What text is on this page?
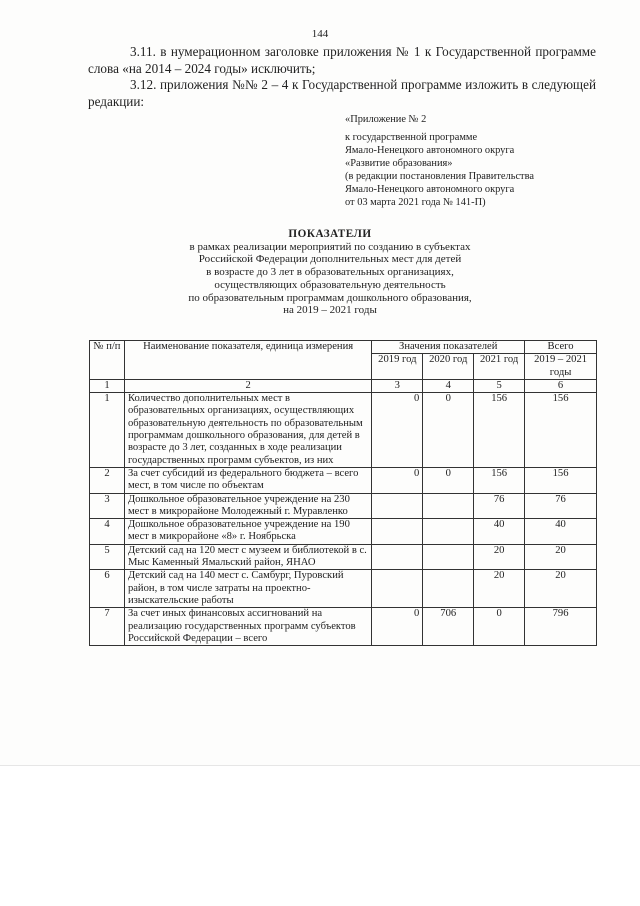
144
3.11. в нумерационном заголовке приложения № 1 к Государственной программе слова «на 2014 – 2024 годы» исключить;
3.12. приложения №№ 2 – 4 к Государственной программе изложить в следующей редакции:
«Приложение № 2
к государственной программе
Ямало-Ненецкого автономного округа
«Развитие образования»
(в редакции постановления Правительства
Ямало-Ненецкого автономного округа
от 03 марта 2021 года № 141-П)
ПОКАЗАТЕЛИ
в рамках реализации мероприятий по созданию в субъектах
Российской Федерации дополнительных мест для детей
в возрасте до 3 лет в образовательных организациях,
осуществляющих образовательную деятельность
по образовательным программам дошкольного образования,
на 2019 – 2021 годы
№ п/п	Наименование показателя, единица измерения	Значения показателей			Всего
		2019 год	2020 год	2021 год	2019 – 2021 годы
1	2	3	4	5	6
1	Количество дополнительных мест в образовательных организациях, осуществляющих образовательную деятельность по образовательным программам дошкольного образования, для детей в возрасте до 3 лет, созданных в ходе реализации государственных программ субъектов, из них	0	0	156	156
2	За счет субсидий из федерального бюджета – всего мест, в том числе по объектам	0	0	156	156
3	Дошкольное образовательное учреждение на 230 мест в микрорайоне Молодежный г. Муравленко			76	76
4	Дошкольное образовательное учреждение на 190 мест в микрорайоне «8» г. Ноябрьска			40	40
5	Детский сад на 120 мест с музеем и библиотекой в с. Мыс Каменный Ямальский район, ЯНАО			20	20
6	Детский сад на 140 мест с. Самбург, Пуровский район, в том числе затраты на проектно-изыскательские работы			20	20
7	За счет иных финансовых ассигнований на реализацию государственных программ субъектов Российской Федерации – всего	0	706	0	796
